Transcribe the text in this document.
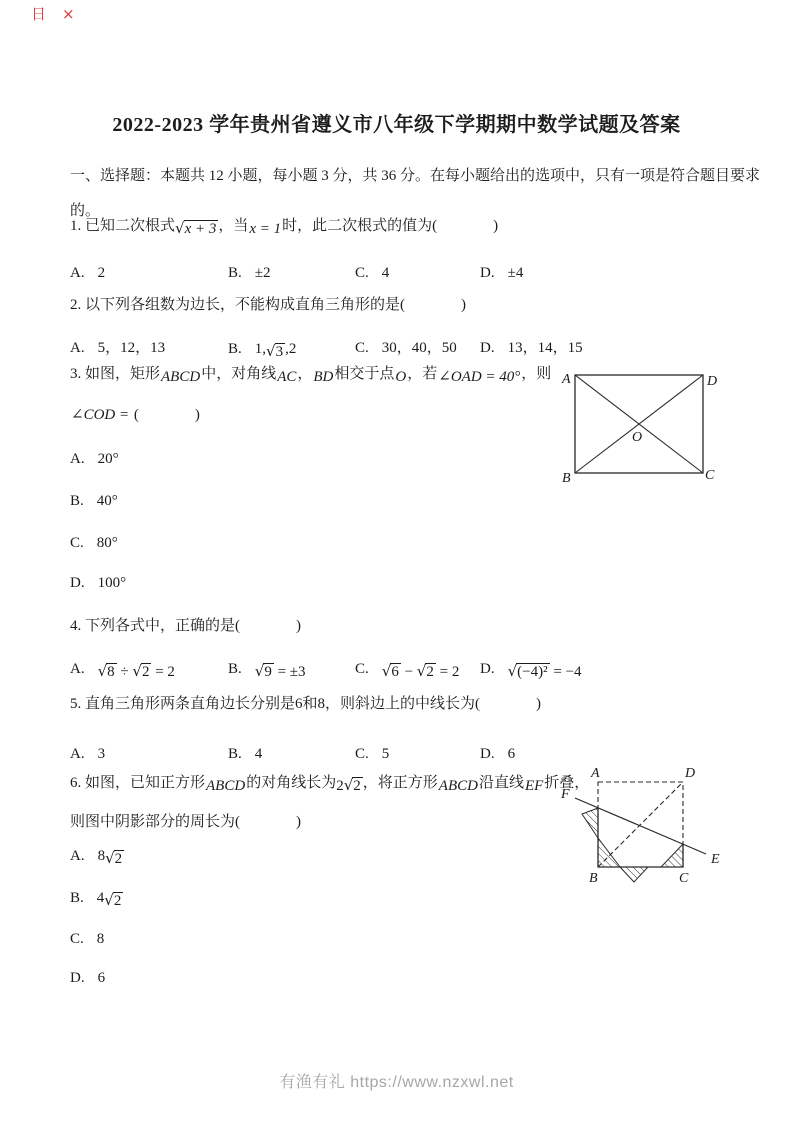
日 ×
2022-2023 学年贵州省遵义市八年级下学期期中数学试题及答案
一、选择题：本题共 12 小题，每小题 3 分，共 36 分。在每小题给出的选项中，只有一项是符合题目要求
的。
1. 已知二次根式√x + 3 ，当x = 1时，此二次根式的值为(	)
A. 2	B. ±2	C. 4	D. ±4
2. 以下列各组数为边长，不能构成直角三角形的是(	)
A. 5，12，13	B. 1,√3 ,2	C. 30，40，50 D. 13，14，15
3. 如图，矩形ABCD中，对角线AC，BD相交于点O，若∠OAD = 40°，则
∠COD = (	)
A. 20°
B. 40°
C. 80°
D. 100°
A	D
B	C
O
4. 下列各式中，正确的是(	)
A. √8 ÷ √2 = 2	B. √9 = ±3	C. √6 − √2 = 2 D. √(−4)² = −4
5. 直角三角形两条直角边长分别是6和8，则斜边上的中线长为(	)
A. 3	B. 4	C. 5	D. 6
6. 如图，已知正方形ABCD的对角线长为2√2 ，将正方形ABCD沿直线EF折叠，
则图中阴影部分的周长为(	)
A. 8√2
B. 4√2
C. 8
D. 6
A	D
B	C
F
E
有渔有礼 https://www.nzxwl.net
